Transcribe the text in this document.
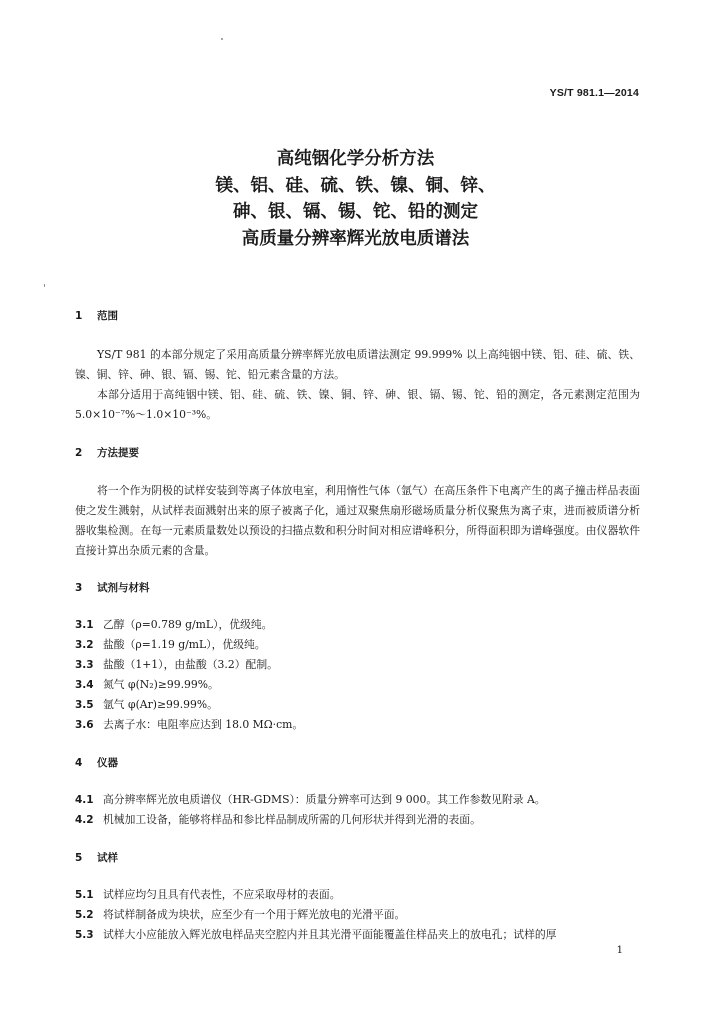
YS/T 981.1—2014
高纯铟化学分析方法
镁、铝、硅、硫、铁、镍、铜、锌、
砷、银、镉、锡、铊、铅的测定
高质量分辨率辉光放电质谱法
1 范围
YS/T 981 的本部分规定了采用高质量分辨率辉光放电质谱法测定 99.999% 以上高纯铟中镁、铝、硅、硫、铁、镍、铜、锌、砷、银、镉、锡、铊、铅元素含量的方法。
本部分适用于高纯铟中镁、铝、硅、硫、铁、镍、铜、锌、砷、银、镉、锡、铊、铅的测定，各元素测定范围为 5.0×10⁻⁷%～1.0×10⁻³%。
2 方法提要
将一个作为阴极的试样安装到等离子体放电室，利用惰性气体（氩气）在高压条件下电离产生的离子撞击样品表面使之发生溅射，从试样表面溅射出来的原子被离子化，通过双聚焦扇形磁场质量分析仪聚焦为离子束，进而被质谱分析器收集检测。在每一元素质量数处以预设的扫描点数和积分时间对相应谱峰积分，所得面积即为谱峰强度。由仪器软件直接计算出杂质元素的含量。
3 试剂与材料
3.1 乙醇（ρ=0.789 g/mL），优级纯。
3.2 盐酸（ρ=1.19 g/mL），优级纯。
3.3 盐酸（1+1），由盐酸（3.2）配制。
3.4 氮气 φ(N₂)≥99.99%。
3.5 氩气 φ(Ar)≥99.99%。
3.6 去离子水：电阻率应达到 18.0 MΩ·cm。
4 仪器
4.1 高分辨率辉光放电质谱仪（HR-GDMS）：质量分辨率可达到 9 000。其工作参数见附录 A。
4.2 机械加工设备，能够将样品和参比样品制成所需的几何形状并得到光滑的表面。
5 试样
5.1 试样应均匀且具有代表性，不应采取母材的表面。
5.2 将试样制备成为块状，应至少有一个用于辉光放电的光滑平面。
5.3 试样大小应能放入辉光放电样品夹空腔内并且其光滑平面能覆盖住样品夹上的放电孔；试样的厚
1
